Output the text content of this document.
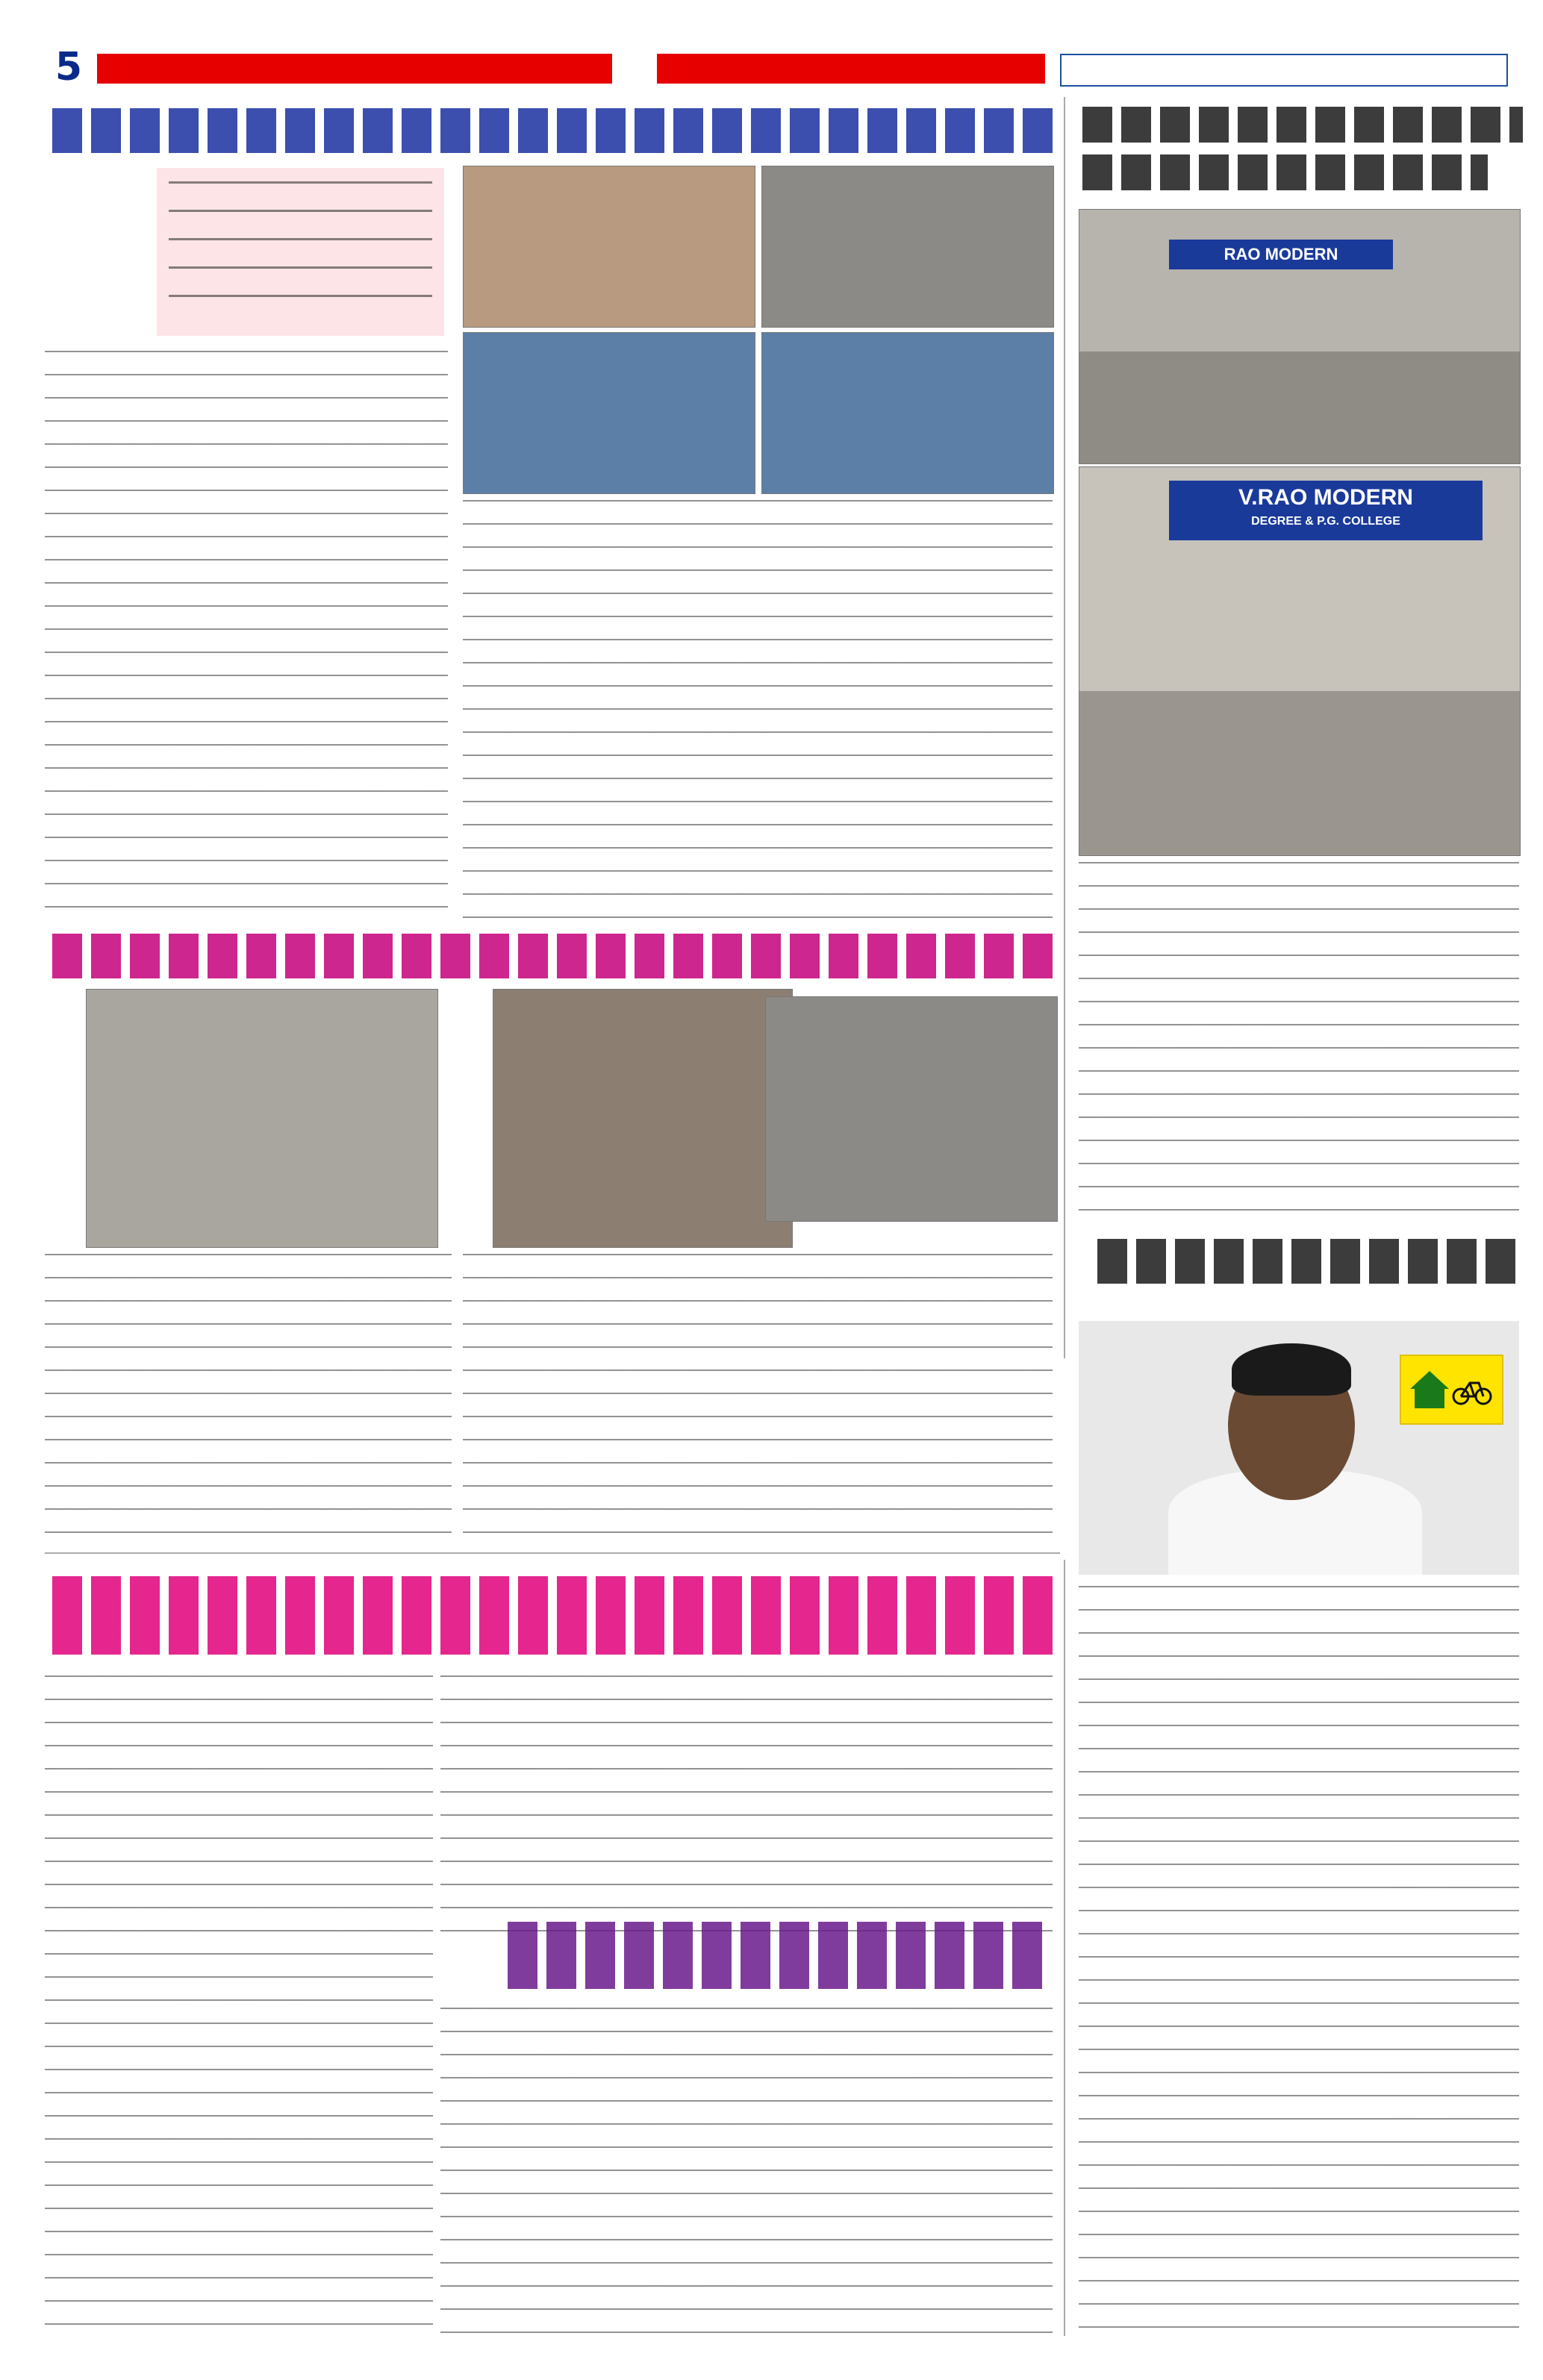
5
RAO MODERN
V.RAO MODERN
DEGREE & P.G. COLLEGE
